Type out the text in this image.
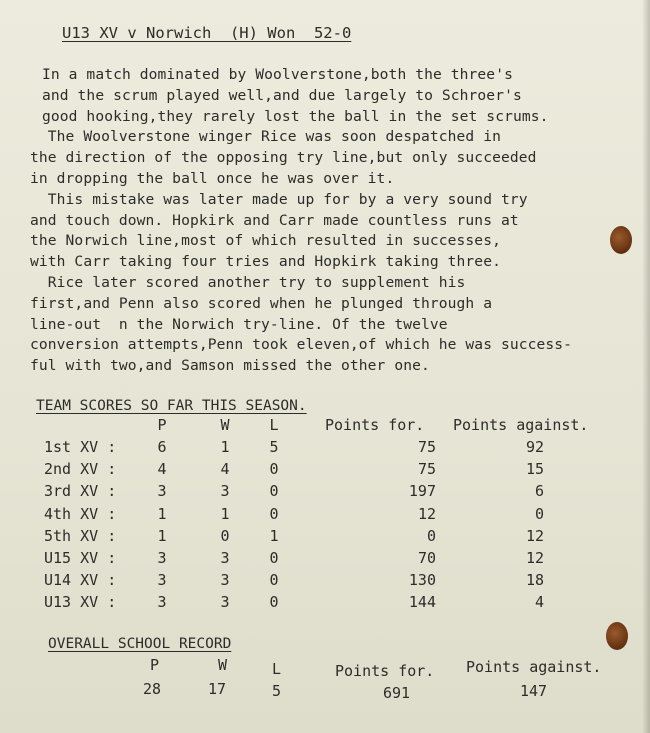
U13 XV v Norwich  (H) Won  52-0
In a match dominated by Woolverstone,both the three's
and the scrum played well,and due largely to Schroer's
good hooking,they rarely lost the ball in the set scrums.
The Woolverstone winger Rice was soon despatched in
the direction of the opposing try line,but only succeeded
in dropping the ball once he was over it.
This mistake was later made up for by a very sound try
and touch down. Hopkirk and Carr made countless runs at
the Norwich line,most of which resulted in successes,
with Carr taking four tries and Hopkirk taking three.
Rice later scored another try to supplement his
first,and Penn also scored when he plunged through a
line-out  n the Norwich try-line. Of the twelve
conversion attempts,Penn took eleven,of which he was success-
ful with two,and Samson missed the other one.
TEAM SCORES SO FAR THIS SEASON.
P	W	L	Points for. Points against.
1st XV :	6	1	5	75	92
2nd XV :	4	4	0	75	15
3rd XV :	3	3	0	197	6
4th XV :	1	1	0	12	0
5th XV :	1	0	1	0	12
U15 XV :	3	3	0	70	12
U14 XV :	3	3	0	130	18
U13 XV :	3	3	0	144	4
OVERALL SCHOOL RECORD
P	W	L	Points for. Points against.
28	17	5	691	147
